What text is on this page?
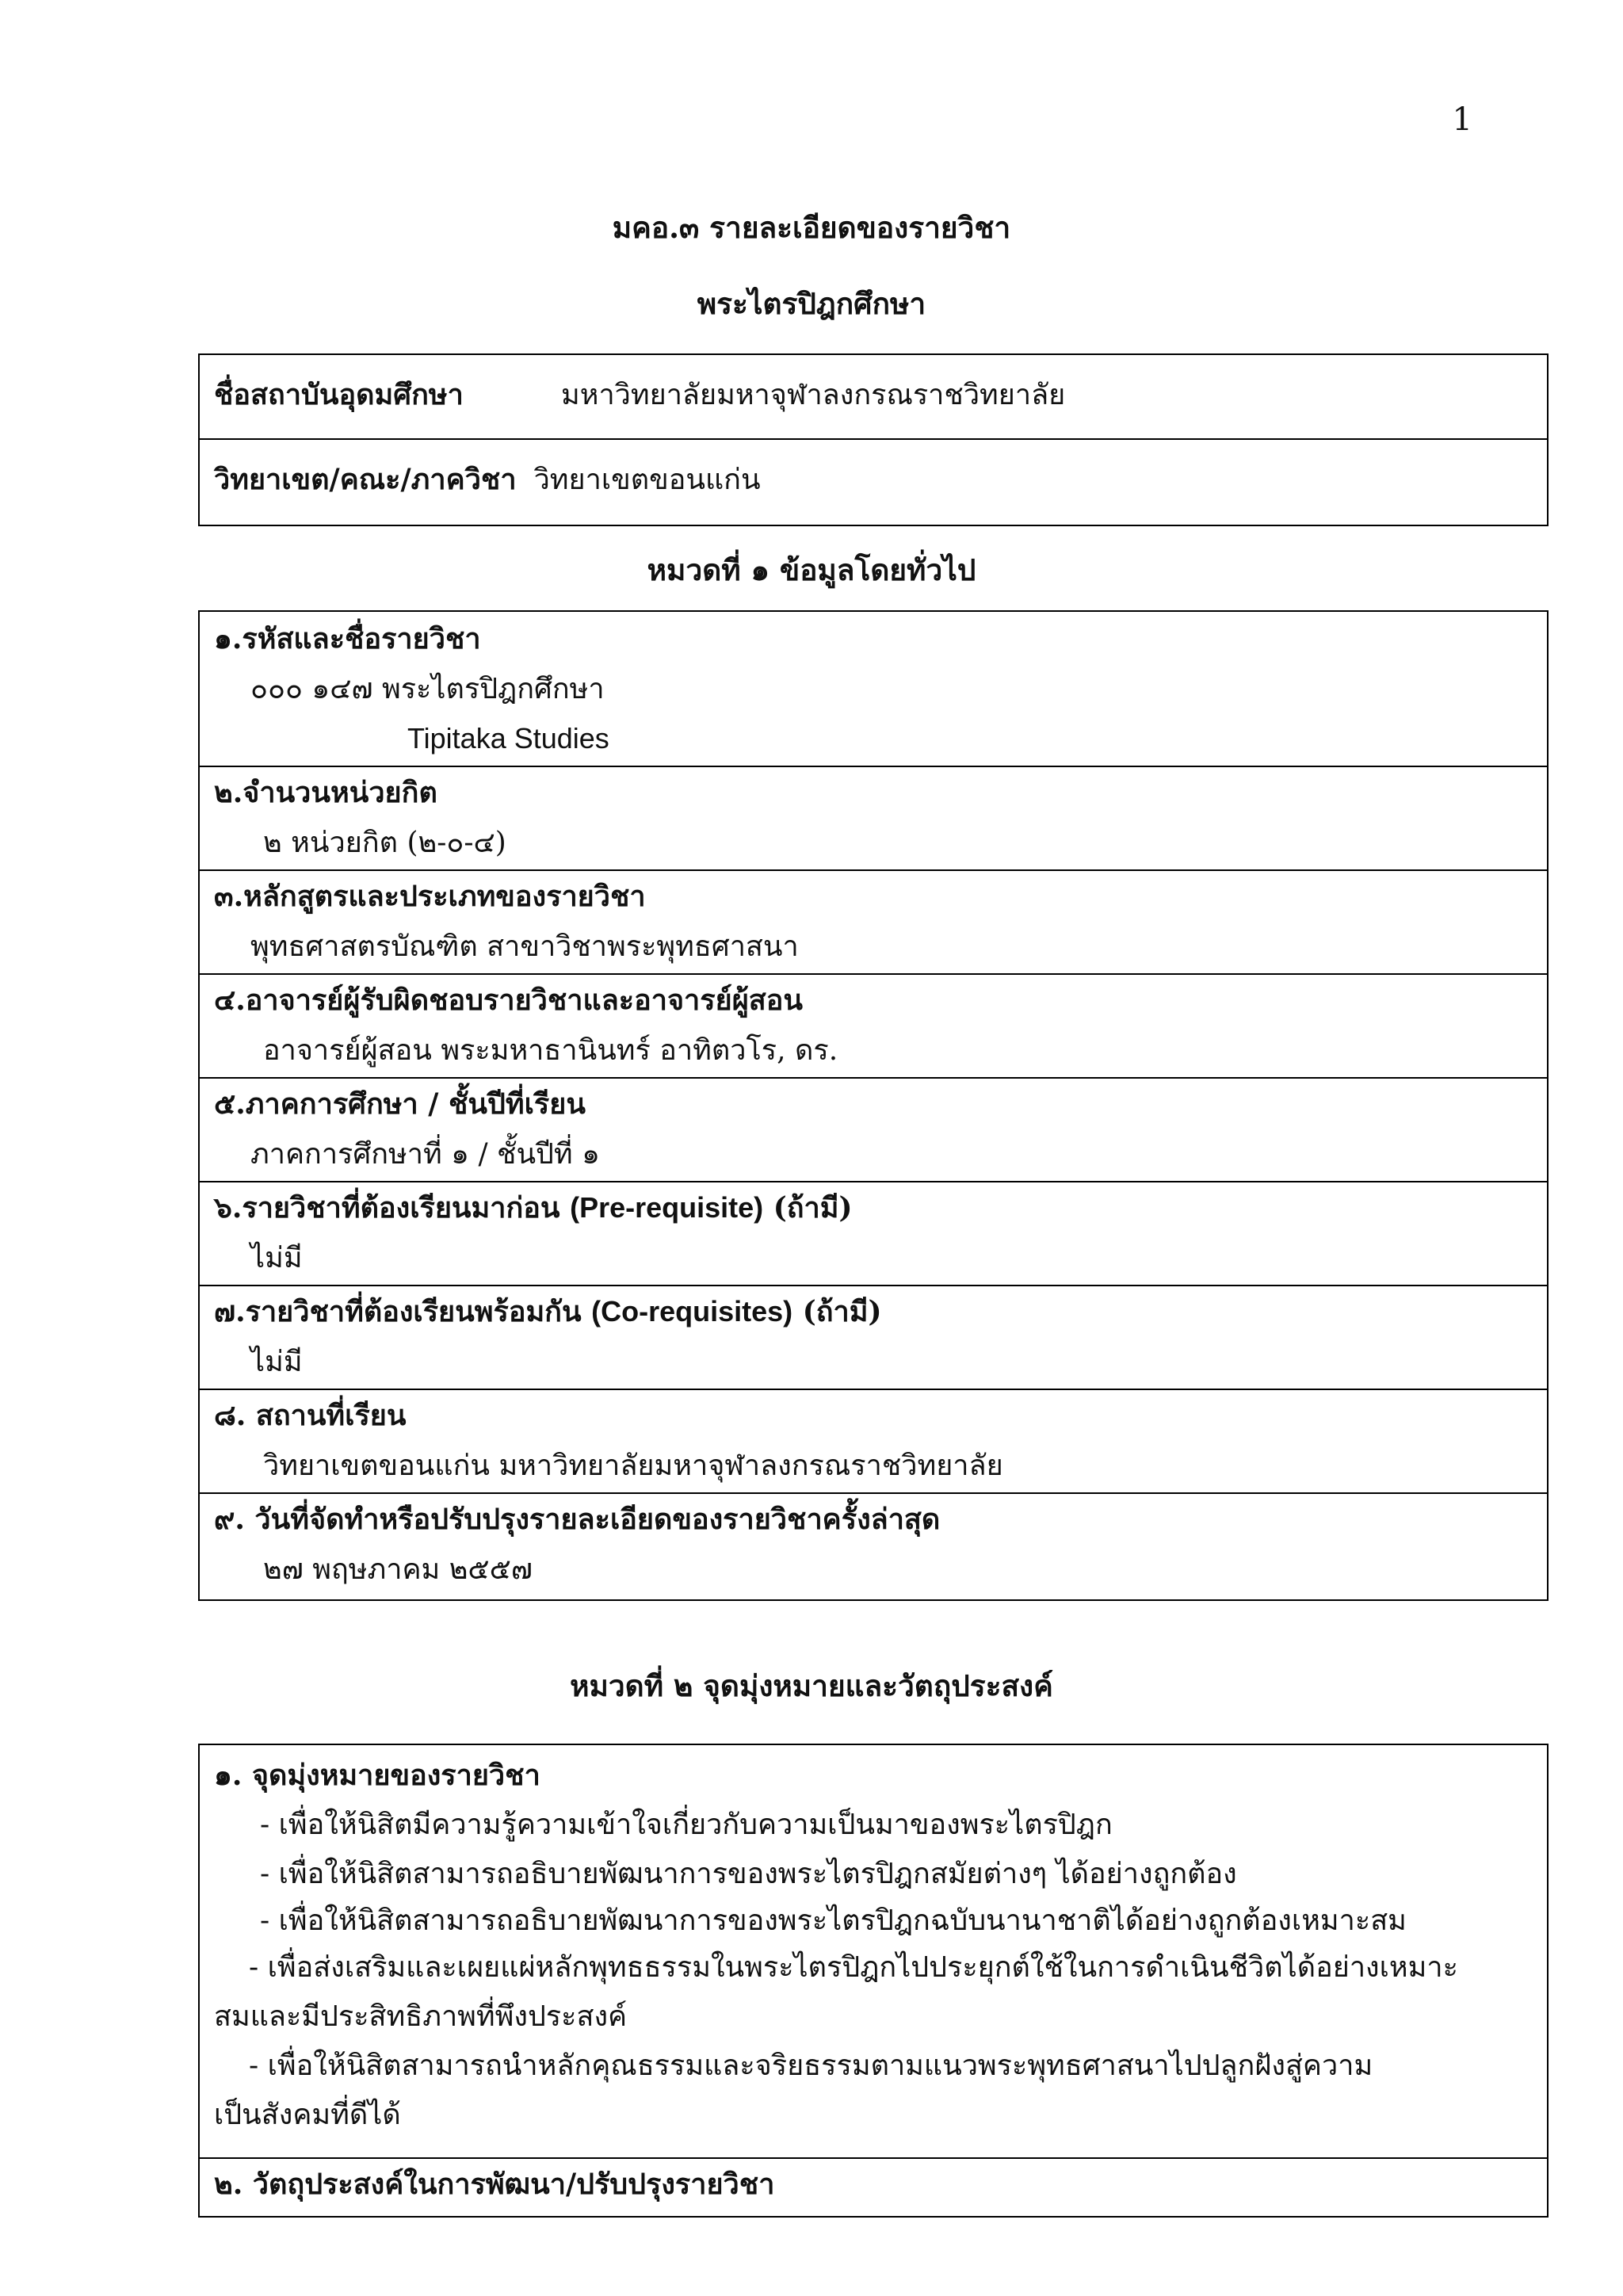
1
มคอ.๓ รายละเอียดของรายวิชา
พระไตรปิฎกศึกษา
ชื่อสถาบันอุดมศึกษา	มหาวิทยาลัยมหาจุฬาลงกรณราชวิทยาลัย
วิทยาเขต/คณะ/ภาควิชา วิทยาเขตขอนแก่น
หมวดที่ ๑ ข้อมูลโดยทั่วไป
๑.รหัสและชื่อรายวิชา
๐๐๐ ๑๔๗ พระไตรปิฎกศึกษา
Tipitaka Studies
๒.จำนวนหน่วยกิต
๒ หน่วยกิต (๒-๐-๔)
๓.หลักสูตรและประเภทของรายวิชา
พุทธศาสตรบัณฑิต สาขาวิชาพระพุทธศาสนา
๔.อาจารย์ผู้รับผิดชอบรายวิชาและอาจารย์ผู้สอน
อาจารย์ผู้สอน พระมหาธานินทร์ อาทิตวโร, ดร.
๕.ภาคการศึกษา / ชั้นปีที่เรียน
ภาคการศึกษาที่ ๑ / ชั้นปีที่ ๑
๖.รายวิชาที่ต้องเรียนมาก่อน (Pre-requisite) (ถ้ามี)
ไม่มี
๗.รายวิชาที่ต้องเรียนพร้อมกัน (Co-requisites) (ถ้ามี)
ไม่มี
๘. สถานที่เรียน
วิทยาเขตขอนแก่น มหาวิทยาลัยมหาจุฬาลงกรณราชวิทยาลัย
๙. วันที่จัดทำหรือปรับปรุงรายละเอียดของรายวิชาครั้งล่าสุด
๒๗ พฤษภาคม ๒๕๕๗
หมวดที่ ๒ จุดมุ่งหมายและวัตถุประสงค์
๑. จุดมุ่งหมายของรายวิชา
- เพื่อให้นิสิตมีความรู้ความเข้าใจเกี่ยวกับความเป็นมาของพระไตรปิฎก
- เพื่อให้นิสิตสามารถอธิบายพัฒนาการของพระไตรปิฎกสมัยต่างๆ ได้อย่างถูกต้อง
- เพื่อให้นิสิตสามารถอธิบายพัฒนาการของพระไตรปิฎกฉบับนานาชาติได้อย่างถูกต้องเหมาะสม
- เพื่อส่งเสริมและเผยแผ่หลักพุทธธรรมในพระไตรปิฎกไปประยุกต์ใช้ในการดำเนินชีวิตได้อย่างเหมาะ
สมและมีประสิทธิภาพที่พึงประสงค์
- เพื่อให้นิสิตสามารถนำหลักคุณธรรมและจริยธรรมตามแนวพระพุทธศาสนาไปปลูกฝังสู่ความ
เป็นสังคมที่ดีได้
๒. วัตถุประสงค์ในการพัฒนา/ปรับปรุงรายวิชา
